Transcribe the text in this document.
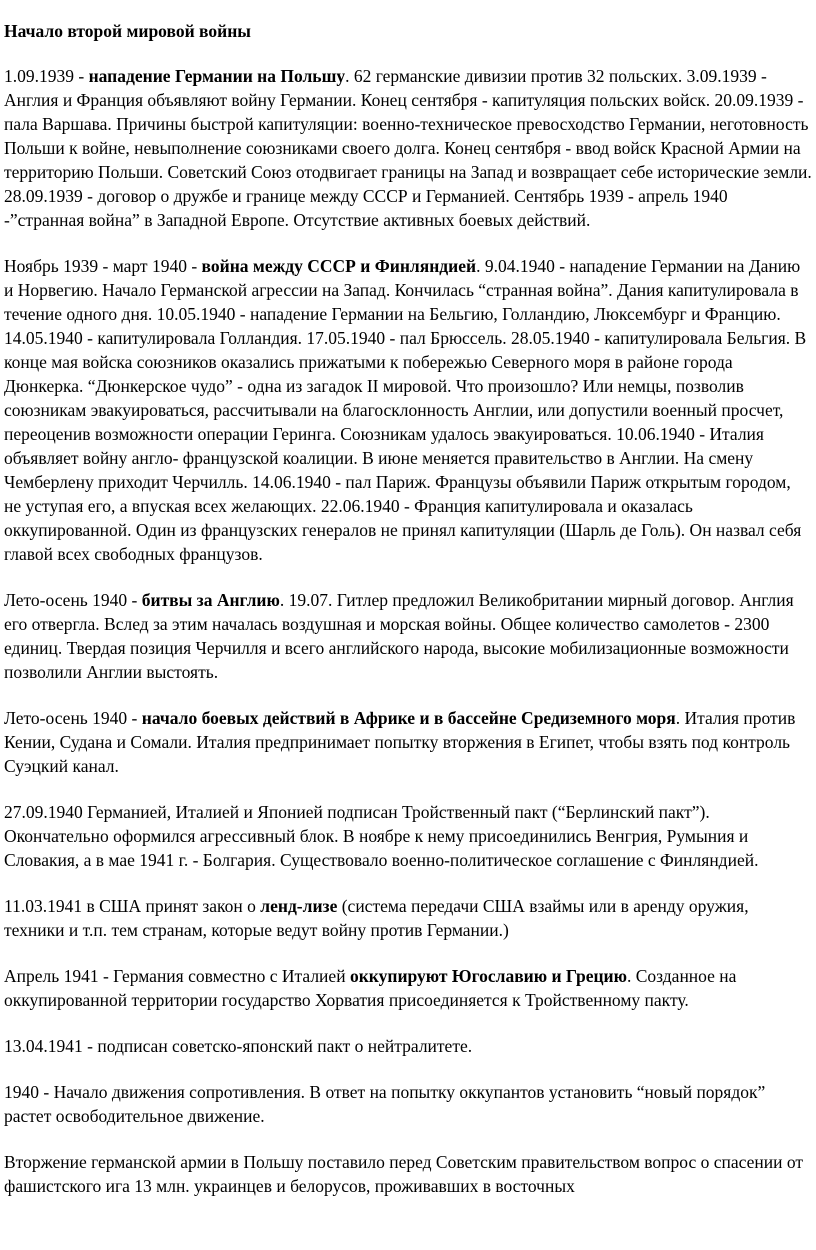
Начало второй мировой войны

1.09.1939 - нападение Германии на Польшу. 62 германские дивизии против 32 польских. 3.09.1939 - Англия и Франция объявляют войну Германии. Конец сентября - капитуляция польских войск. 20.09.1939 - пала Варшава. Причины быстрой капитуляции: военно-техническое превосходство Германии, неготовность Польши к войне, невыполнение союзниками своего долга. Конец сентября - ввод войск Красной Армии на территорию Польши. Советский Союз отодвигает границы на Запад и возвращает себе исторические земли. 28.09.1939 - договор о дружбе и границе между СССР и Германией. Сентябрь 1939 - апрель 1940 -”странная война” в Западной Европе. Отсутствие активных боевых действий.

Ноябрь 1939 - март 1940 - война между СССР и Финляндией. 9.04.1940 - нападение Германии на Данию и Норвегию. Начало Германской агрессии на Запад. Кончилась “странная война”. Дания капитулировала в течение одного дня. 10.05.1940 - нападение Германии на Бельгию, Голландию, Люксембург и Францию. 14.05.1940 - капитулировала Голландия. 17.05.1940 - пал Брюссель. 28.05.1940 - капитулировала Бельгия. В конце мая войска союзников оказались прижатыми к побережью Северного моря в районе города Дюнкерка. “Дюнкерское чудо” - одна из загадок II мировой. Что произошло? Или немцы, позволив союзникам эвакуироваться, рассчитывали на благосклонность Англии, или допустили военный просчет, переоценив возможности операции Геринга. Союзникам удалось эвакуироваться. 10.06.1940 - Италия объявляет войну англо- французской коалиции. В июне меняется правительство в Англии. На смену Чемберлену приходит Черчилль. 14.06.1940 - пал Париж. Французы объявили Париж открытым городом, не уступая его, а впуская всех желающих. 22.06.1940 - Франция капитулировала и оказалась оккупированной. Один из французских генералов не принял капитуляции (Шарль де Голь). Он назвал себя главой всех свободных французов.

Лето-осень 1940 - битвы за Англию. 19.07. Гитлер предложил Великобритании мирный договор. Англия его отвергла. Вслед за этим началась воздушная и морская войны. Общее количество самолетов - 2300 единиц. Твердая позиция Черчилля и всего английского народа, высокие мобилизационные возможности позволили Англии выстоять.

Лето-осень 1940 - начало боевых действий в Африке и в бассейне Средиземного моря. Италия против Кении, Судана и Сомали. Италия предпринимает попытку вторжения в Египет, чтобы взять под контроль Суэцкий канал.

27.09.1940 Германией, Италией и Японией подписан Тройственный пакт (“Берлинский пакт”). Окончательно оформился агрессивный блок. В ноябре к нему присоединились Венгрия, Румыния и Словакия, а в мае 1941 г. - Болгария. Существовало военно-политическое соглашение с Финляндией.

11.03.1941 в США принят закон о ленд-лизе (система передачи США взаймы или в аренду оружия, техники и т.п. тем странам, которые ведут войну против Германии.)

Апрель 1941 - Германия совместно с Италией оккупируют Югославию и Грецию. Созданное на оккупированной территории государство Хорватия присоединяется к Тройственному пакту.

13.04.1941 - подписан советско-японский пакт о нейтралитете.

1940 - Начало движения сопротивления. В ответ на попытку оккупантов установить “новый порядок” растет освободительное движение.

Вторжение германской армии в Польшу поставило перед Советским правительством вопрос о спасении от фашистского ига 13 млн. украинцев и белорусов, проживавших в восточных
